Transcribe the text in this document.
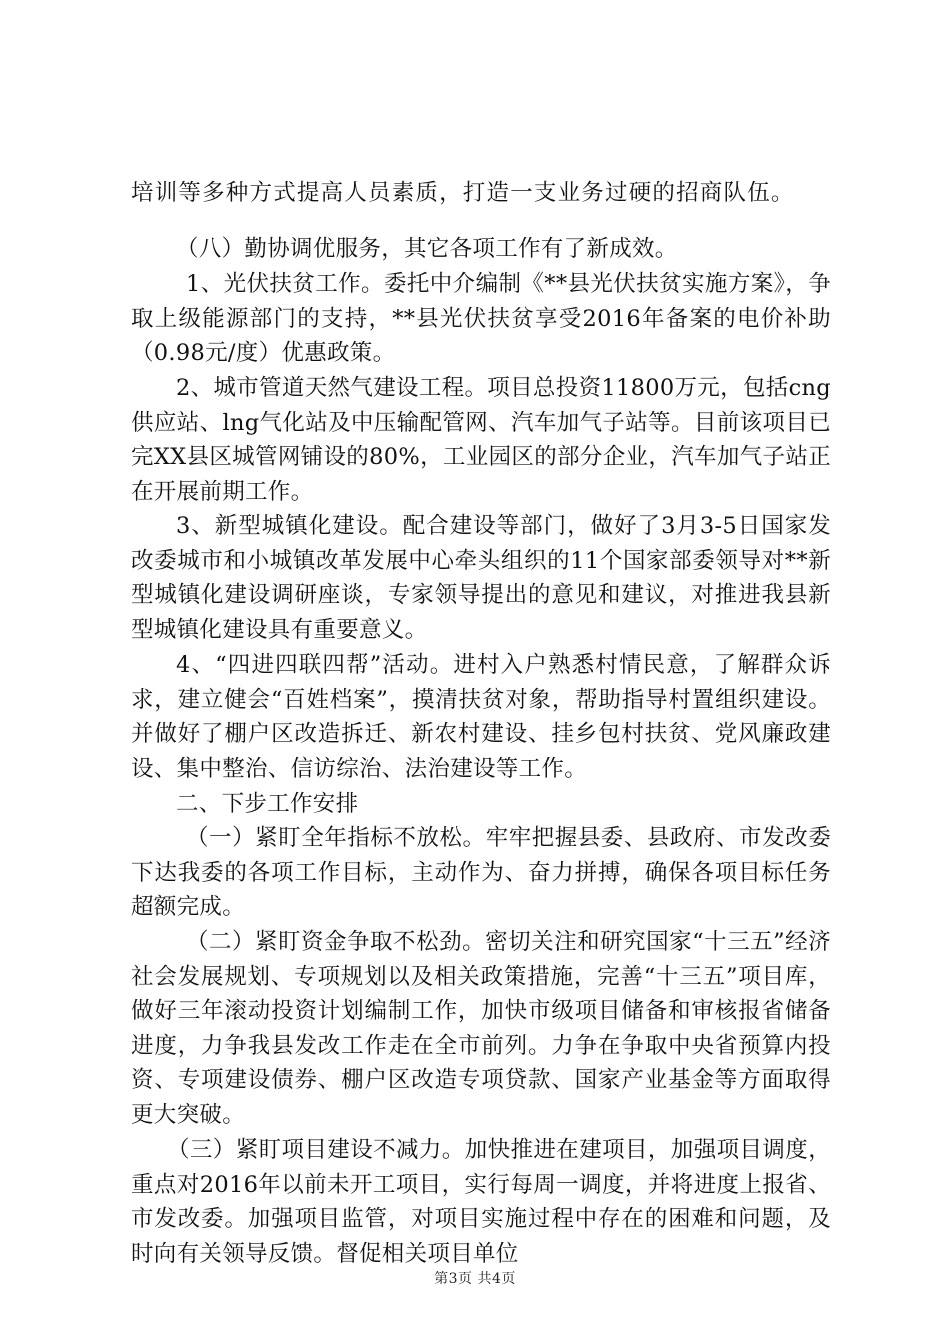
培训等多种方式提高人员素质，打造一支业务过硬的招商队伍。

（八）勤协调优服务，其它各项工作有了新成效。

1、光伏扶贫工作。委托中介编制《**县光伏扶贫实施方案》，争取上级能源部门的支持，**县光伏扶贫享受2016年备案的电价补助（0.98元/度）优惠政策。

2、城市管道天然气建设工程。项目总投资11800万元，包括cng供应站、lng气化站及中压输配管网、汽车加气子站等。目前该项目已完XX县区城管网铺设的80%，工业园区的部分企业，汽车加气子站正在开展前期工作。

3、新型城镇化建设。配合建设等部门，做好了3月3-5日国家发改委城市和小城镇改革发展中心牵头组织的11个国家部委领导对**新型城镇化建设调研座谈，专家领导提出的意见和建议，对推进我县新型城镇化建设具有重要意义。

4、“四进四联四帮”活动。进村入户熟悉村情民意，了解群众诉求，建立健会“百姓档案”，摸清扶贫对象，帮助指导村置组织建设。并做好了棚户区改造拆迁、新农村建设、挂乡包村扶贫、党风廉政建设、集中整治、信访综治、法治建设等工作。

二、下步工作安排

（一）紧盯全年指标不放松。牢牢把握县委、县政府、市发改委下达我委的各项工作目标，主动作为、奋力拼搏，确保各项目标任务超额完成。

（二）紧盯资金争取不松劲。密切关注和研究国家“十三五”经济社会发展规划、专项规划以及相关政策措施，完善“十三五”项目库，做好三年滚动投资计划编制工作，加快市级项目储备和审核报省储备进度，力争我县发改工作走在全市前列。力争在争取中央省预算内投资、专项建设债券、棚户区改造专项贷款、国家产业基金等方面取得更大突破。

（三）紧盯项目建设不减力。加快推进在建项目，加强项目调度，重点对2016年以前未开工项目，实行每周一调度，并将进度上报省、市发改委。加强项目监管，对项目实施过程中存在的困难和问题，及时向有关领导反馈。督促相关项目单位

第3页 共4页
